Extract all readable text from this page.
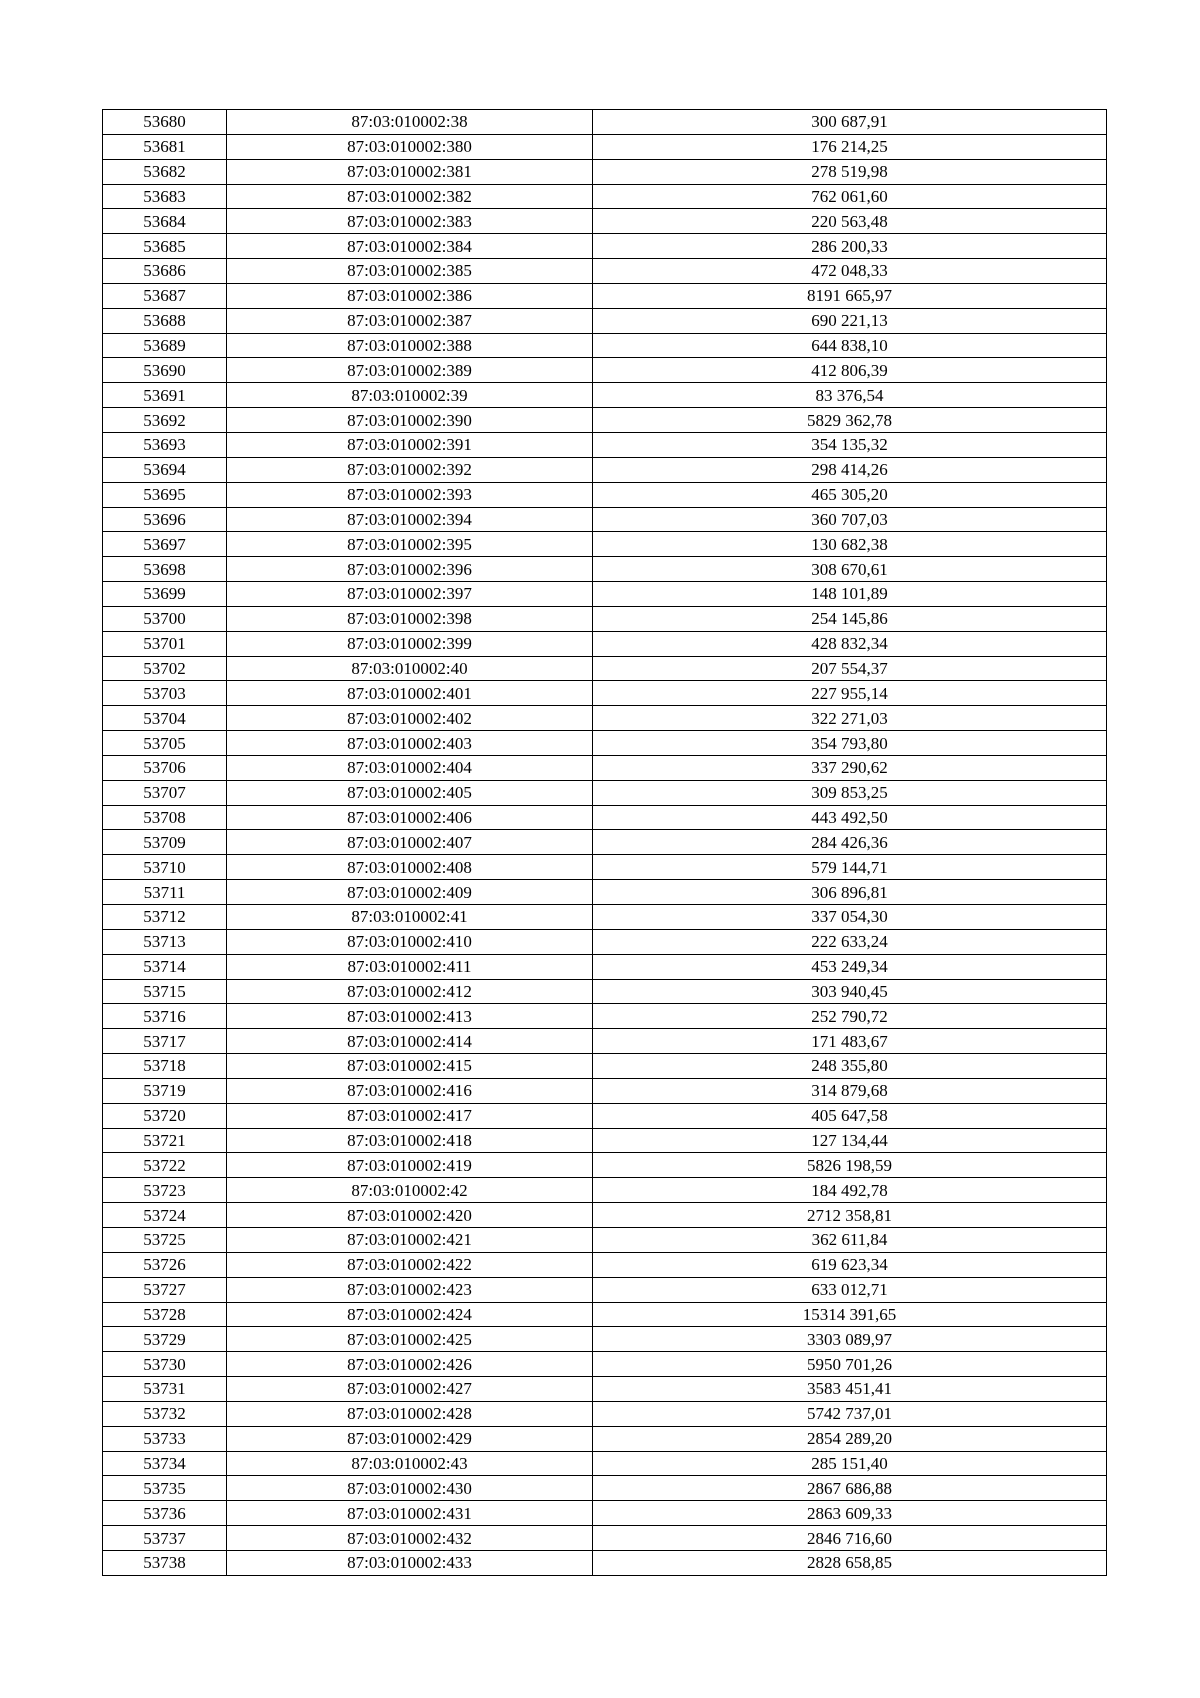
53680	87:03:010002:38	300 687,91
53681	87:03:010002:380	176 214,25
53682	87:03:010002:381	278 519,98
53683	87:03:010002:382	762 061,60
53684	87:03:010002:383	220 563,48
53685	87:03:010002:384	286 200,33
53686	87:03:010002:385	472 048,33
53687	87:03:010002:386	8191 665,97
53688	87:03:010002:387	690 221,13
53689	87:03:010002:388	644 838,10
53690	87:03:010002:389	412 806,39
53691	87:03:010002:39	83 376,54
53692	87:03:010002:390	5829 362,78
53693	87:03:010002:391	354 135,32
53694	87:03:010002:392	298 414,26
53695	87:03:010002:393	465 305,20
53696	87:03:010002:394	360 707,03
53697	87:03:010002:395	130 682,38
53698	87:03:010002:396	308 670,61
53699	87:03:010002:397	148 101,89
53700	87:03:010002:398	254 145,86
53701	87:03:010002:399	428 832,34
53702	87:03:010002:40	207 554,37
53703	87:03:010002:401	227 955,14
53704	87:03:010002:402	322 271,03
53705	87:03:010002:403	354 793,80
53706	87:03:010002:404	337 290,62
53707	87:03:010002:405	309 853,25
53708	87:03:010002:406	443 492,50
53709	87:03:010002:407	284 426,36
53710	87:03:010002:408	579 144,71
53711	87:03:010002:409	306 896,81
53712	87:03:010002:41	337 054,30
53713	87:03:010002:410	222 633,24
53714	87:03:010002:411	453 249,34
53715	87:03:010002:412	303 940,45
53716	87:03:010002:413	252 790,72
53717	87:03:010002:414	171 483,67
53718	87:03:010002:415	248 355,80
53719	87:03:010002:416	314 879,68
53720	87:03:010002:417	405 647,58
53721	87:03:010002:418	127 134,44
53722	87:03:010002:419	5826 198,59
53723	87:03:010002:42	184 492,78
53724	87:03:010002:420	2712 358,81
53725	87:03:010002:421	362 611,84
53726	87:03:010002:422	619 623,34
53727	87:03:010002:423	633 012,71
53728	87:03:010002:424	15314 391,65
53729	87:03:010002:425	3303 089,97
53730	87:03:010002:426	5950 701,26
53731	87:03:010002:427	3583 451,41
53732	87:03:010002:428	5742 737,01
53733	87:03:010002:429	2854 289,20
53734	87:03:010002:43	285 151,40
53735	87:03:010002:430	2867 686,88
53736	87:03:010002:431	2863 609,33
53737	87:03:010002:432	2846 716,60
53738	87:03:010002:433	2828 658,85
